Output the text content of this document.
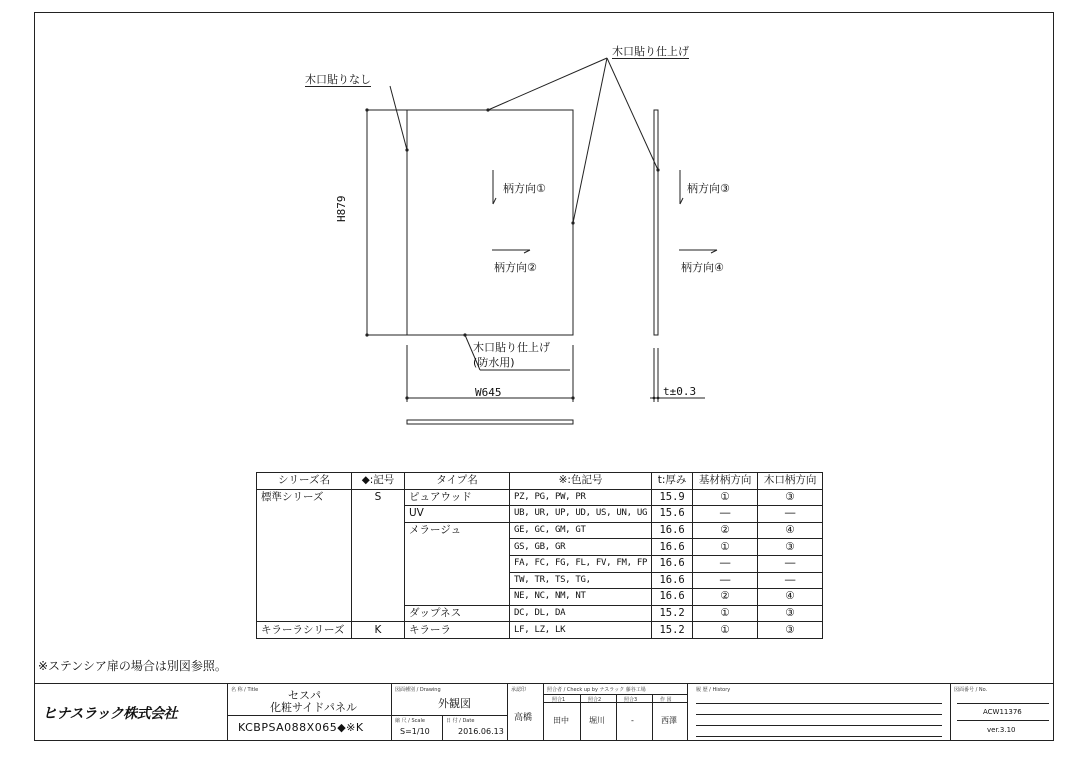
木口貼り仕上げ
木口貼りなし
木口貼り仕上げ
(防水用)
H879
W645	t±0.3
柄方向①
柄方向②
柄方向③
柄方向④
シリーズ名	◆:記号	タイプ名	※:色記号	t:厚み	基材柄方向	木口柄方向
標準シリーズ	S	ピュアウッド	PZ, PG, PW, PR	15.9	①	③
		UV	UB, UR, UP, UD, US, UN, UG	15.6	―	―
		メラージュ	GE, GC, GM, GT	16.6	②	④
			GS, GB, GR	16.6	①	③
			FA, FC, FG, FL, FV, FM, FP	16.6	―	―
			TW, TR, TS, TG,	16.6	―	―
			NE, NC, NM, NT	16.6	②	④
		ダップネス	DC, DL, DA	15.2	①	③
キラーラシリーズ	K	キラーラ	LF, LZ, LK	15.2	①	③
※ステンシア扉の場合は別図参照。
ヒナスラック株式会社
名 称 / Title	セスパ
化粧サイドパネル
KCBPSA088X065◆※K
図面種別 / Drawing
外観図
縮 尺 / Scale
S=1/10
日 付 / Date
2016.06.13
承認印
高橋
照合者 / Check up by ナスラック 藤谷工場
照合1	照合2	照合3	作 図
田中	堀川	-	西澤
履 歴 / History	図面番号 / No.
ACW11376
ver.3.10
